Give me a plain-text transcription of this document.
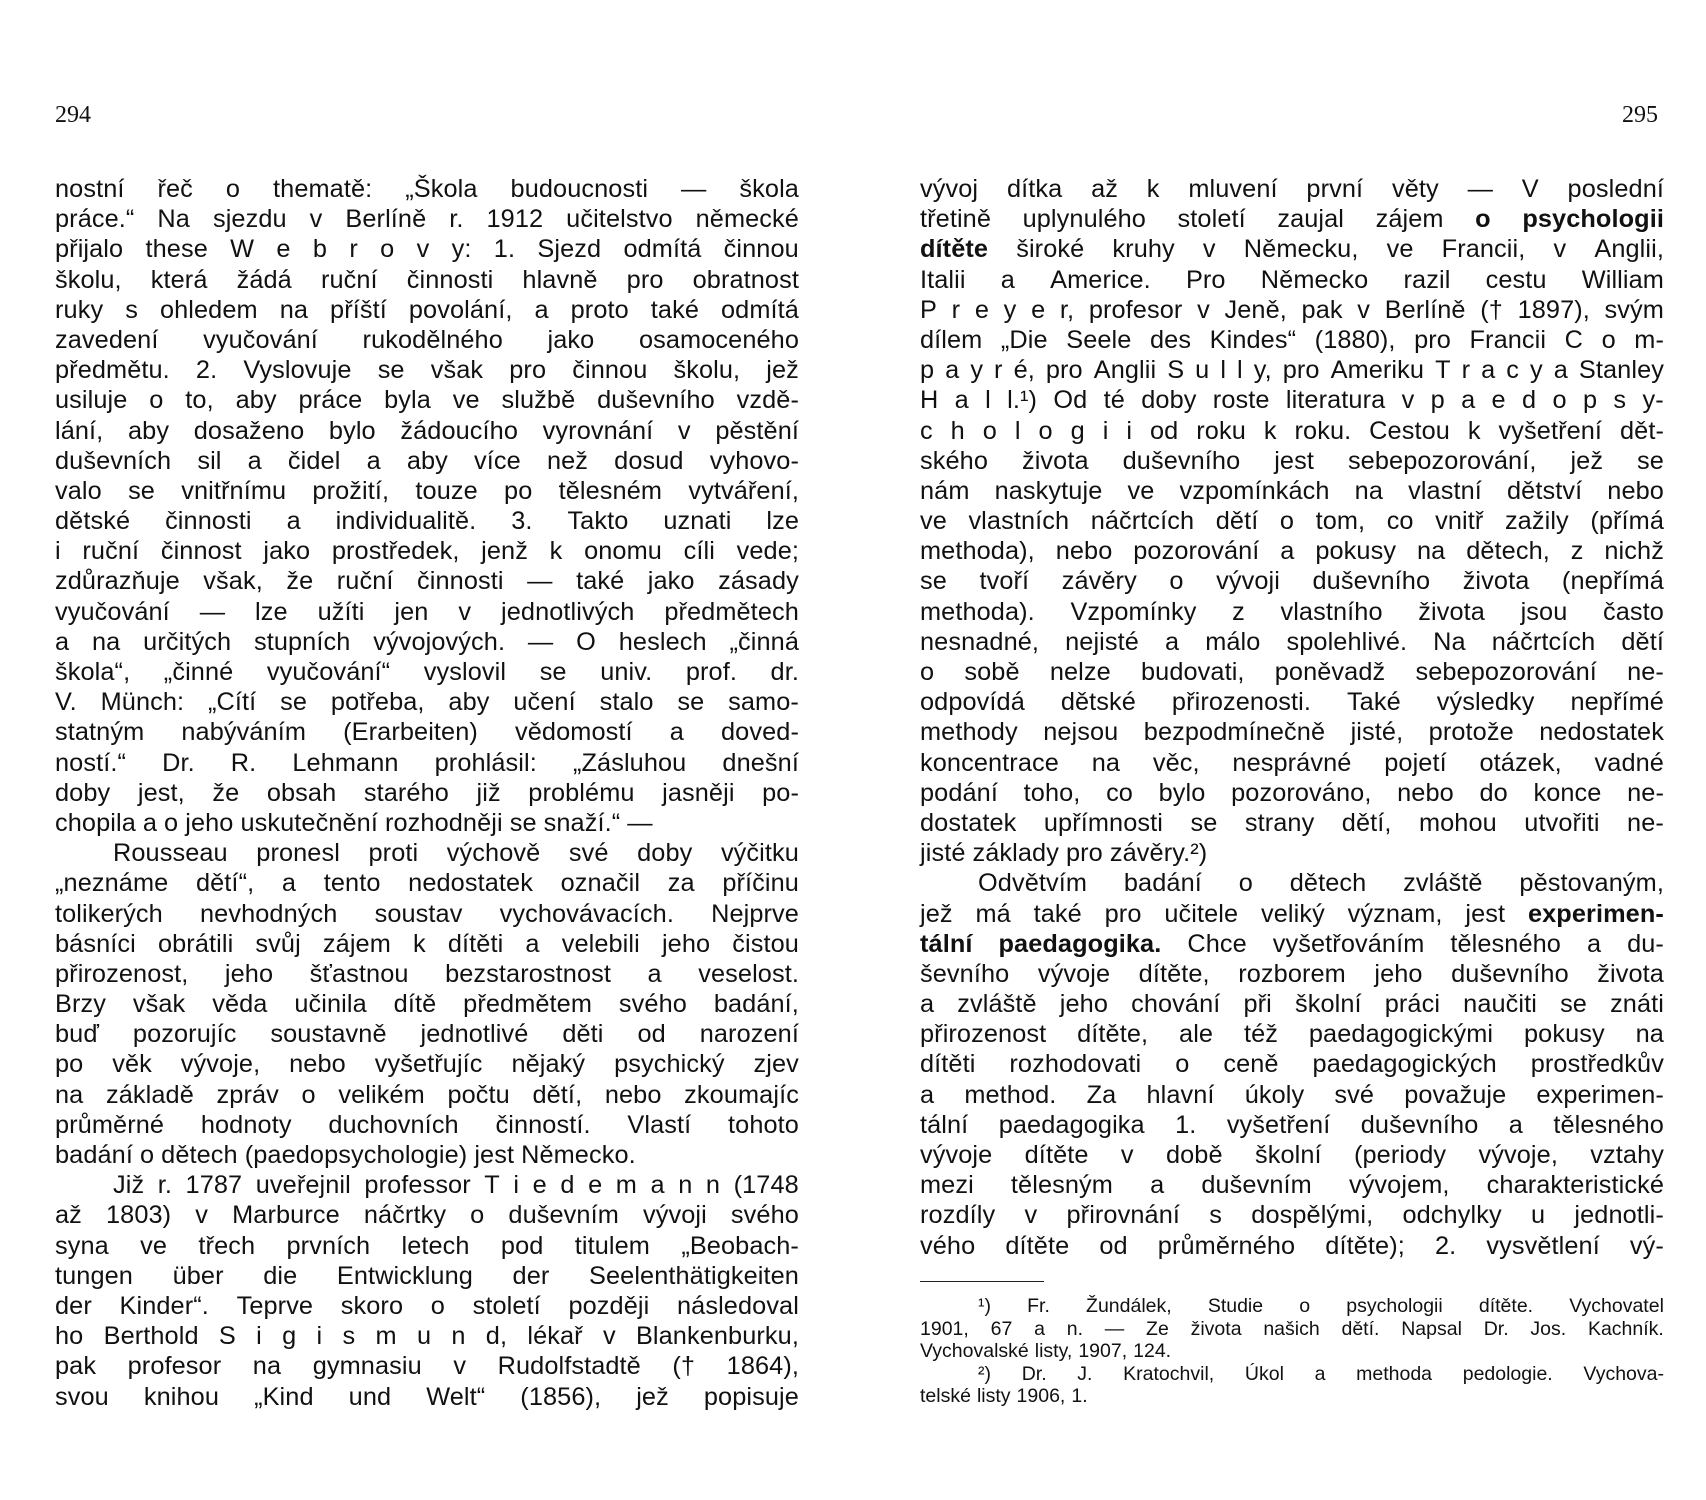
294
nostní řeč o thematě: „Škola budoucnosti — škola
práce.“ Na sjezdu v Berlíně r. 1912 učitelstvo německé
přijalo these W e b r o v y: 1. Sjezd odmítá činnou
školu, která žádá ruční činnosti hlavně pro obratnost
ruky s ohledem na příští povolání, a proto také odmítá
zavedení vyučování rukodělného jako osamoceného
předmětu. 2. Vyslovuje se však pro činnou školu, jež
usiluje o to, aby práce byla ve službě duševního vzdě-
lání, aby dosaženo bylo žádoucího vyrovnání v pěstění
duševních sil a čidel a aby více než dosud vyhovo-
valo se vnitřnímu prožití, touze po tělesném vytváření,
dětské činnosti a individualitě. 3. Takto uznati lze
i ruční činnost jako prostředek, jenž k onomu cíli vede;
zdůrazňuje však, že ruční činnosti — také jako zásady
vyučování — lze užíti jen v jednotlivých předmětech
a na určitých stupních vývojových. — O heslech „činná
škola“, „činné vyučování“ vyslovil se univ. prof. dr.
V. Münch: „Cítí se potřeba, aby učení stalo se samo-
statným nabýváním (Erarbeiten) vědomostí a doved-
ností.“ Dr. R. Lehmann prohlásil: „Zásluhou dnešní
doby jest, že obsah starého již problému jasněji po-
chopila a o jeho uskutečnění rozhodněji se snaží.“ —
Rousseau pronesl proti výchově své doby výčitku
„neznáme dětí“, a tento nedostatek označil za příčinu
tolikerých nevhodných soustav vychovávacích. Nejprve
básníci obrátili svůj zájem k dítěti a velebili jeho čistou
přirozenost, jeho šťastnou bezstarostnost a veselost.
Brzy však věda učinila dítě předmětem svého badání,
buď pozorujíc soustavně jednotlivé děti od narození
po věk vývoje, nebo vyšetřujíc nějaký psychický zjev
na základě zpráv o velikém počtu dětí, nebo zkoumajíc
průměrné hodnoty duchovních činností. Vlastí tohoto
badání o dětech (paedopsychologie) jest Německo.
Již r. 1787 uveřejnil professor T i e d e m a n n (1748
až 1803) v Marburce náčrtky o duševním vývoji svého
syna ve třech prvních letech pod titulem „Beobach-
tungen über die Entwicklung der Seelenthätigkeiten
der Kinder“. Teprve skoro o století později následoval
ho Berthold S i g i s m u n d, lékař v Blankenburku,
pak profesor na gymnasiu v Rudolfstadtě († 1864),
svou knihou „Kind und Welt“ (1856), jež popisuje
295
vývoj dítka až k mluvení první věty — V poslední
třetině uplynulého století zaujal zájem o psychologii
dítěte široké kruhy v Německu, ve Francii, v Anglii,
Italii a Americe. Pro Německo razil cestu William
P r e y e r, profesor v Jeně, pak v Berlíně († 1897), svým
dílem „Die Seele des Kindes“ (1880), pro Francii C o m-
p a y r é, pro Anglii S u l l y, pro Ameriku T r a c y a Stanley
H a l l.¹) Od té doby roste literatura v p a e d o p s y-
c h o l o g i i od roku k roku. Cestou k vyšetření dět-
ského života duševního jest sebepozorování, jež se
nám naskytuje ve vzpomínkách na vlastní dětství nebo
ve vlastních náčrtcích dětí o tom, co vnitř zažily (přímá
methoda), nebo pozorování a pokusy na dětech, z nichž
se tvoří závěry o vývoji duševního života (nepřímá
methoda). Vzpomínky z vlastního života jsou často
nesnadné, nejisté a málo spolehlivé. Na náčrtcích dětí
o sobě nelze budovati, poněvadž sebepozorování ne-
odpovídá dětské přirozenosti. Také výsledky nepřímé
methody nejsou bezpodmínečně jisté, protože nedostatek
koncentrace na věc, nesprávné pojetí otázek, vadné
podání toho, co bylo pozorováno, nebo do konce ne-
dostatek upřímnosti se strany dětí, mohou utvořiti ne-
jisté základy pro závěry.²)
Odvětvím badání o dětech zvláště pěstovaným,
jež má také pro učitele veliký význam, jest experimen-
tální paedagogika. Chce vyšetřováním tělesného a du-
ševního vývoje dítěte, rozborem jeho duševního života
a zvláště jeho chování při školní práci naučiti se znáti
přirozenost dítěte, ale též paedagogickými pokusy na
dítěti rozhodovati o ceně paedagogických prostředkův
a method. Za hlavní úkoly své považuje experimen-
tální paedagogika 1. vyšetření duševního a tělesného
vývoje dítěte v době školní (periody vývoje, vztahy
mezi tělesným a duševním vývojem, charakteristické
rozdíly v přirovnání s dospělými, odchylky u jednotli-
vého dítěte od průměrného dítěte); 2. vysvětlení vý-
¹) Fr. Žundálek, Studie o psychologii dítěte. Vychovatel
1901, 67 a n. — Ze života našich dětí. Napsal Dr. Jos. Kachník.
Vychovalské listy, 1907, 124.
²) Dr. J. Kratochvil, Úkol a methoda pedologie. Vychova-
telské listy 1906, 1.
